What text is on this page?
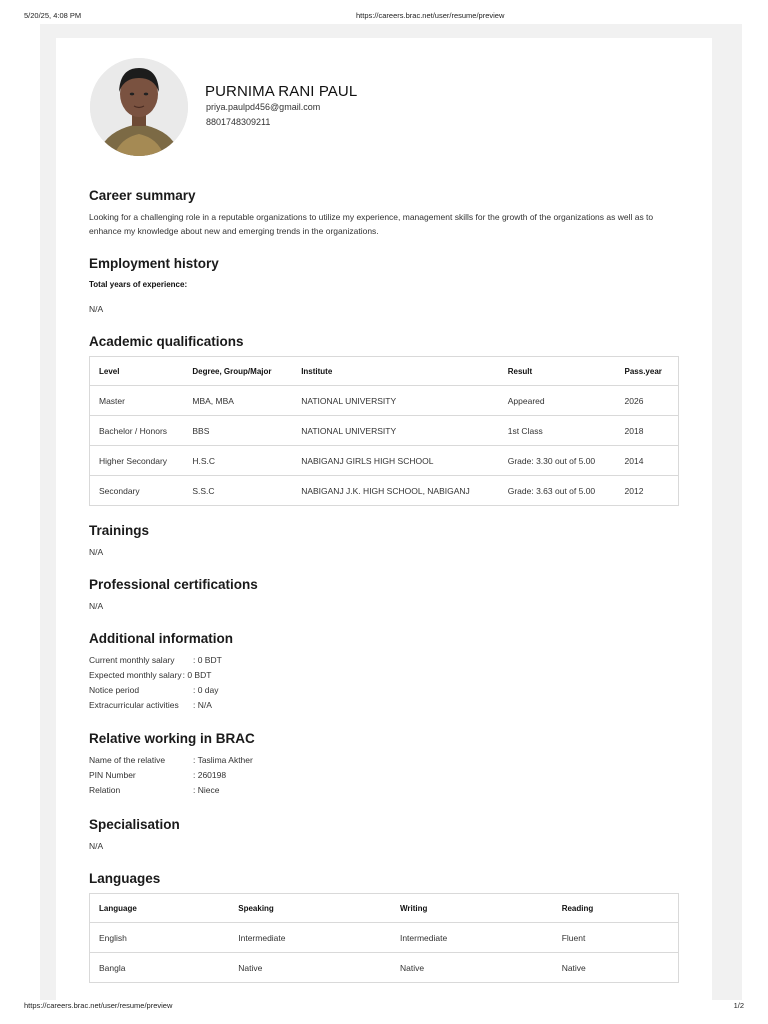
5/20/25, 4:08 PM	https://careers.brac.net/user/resume/preview
PURNIMA RANI PAUL
priya.paulpd456@gmail.com
8801748309211
Career summary
Looking for a challenging role in a reputable organizations to utilize my experience, management skills for the growth of the organizations as well as to enhance my knowledge about new and emerging trends in the organizations.
Employment history
Total years of experience:
N/A
Academic qualifications
Level	Degree, Group/Major	Institute	Result	Pass.year
Master	MBA, MBA	NATIONAL UNIVERSITY	Appeared	2026
Bachelor / Honors	BBS	NATIONAL UNIVERSITY	1st Class	2018
Higher Secondary	H.S.C	NABIGANJ GIRLS HIGH SCHOOL	Grade: 3.30 out of 5.00	2014
Secondary	S.S.C	NABIGANJ J.K. HIGH SCHOOL, NABIGANJ	Grade: 3.63 out of 5.00	2012
Trainings
N/A
Professional certifications
N/A
Additional information
Current monthly salary	: 0 BDT
Expected monthly salary : 0 BDT
Notice period	: 0 day
Extracurricular activities	: N/A
Relative working in BRAC
Name of the relative	: Taslima Akther
PIN Number	: 260198
Relation	: Niece
Specialisation
N/A
Languages
Language	Speaking	Writing	Reading
English	Intermediate	Intermediate	Fluent
Bangla	Native	Native	Native
https://careers.brac.net/user/resume/preview	1/2
